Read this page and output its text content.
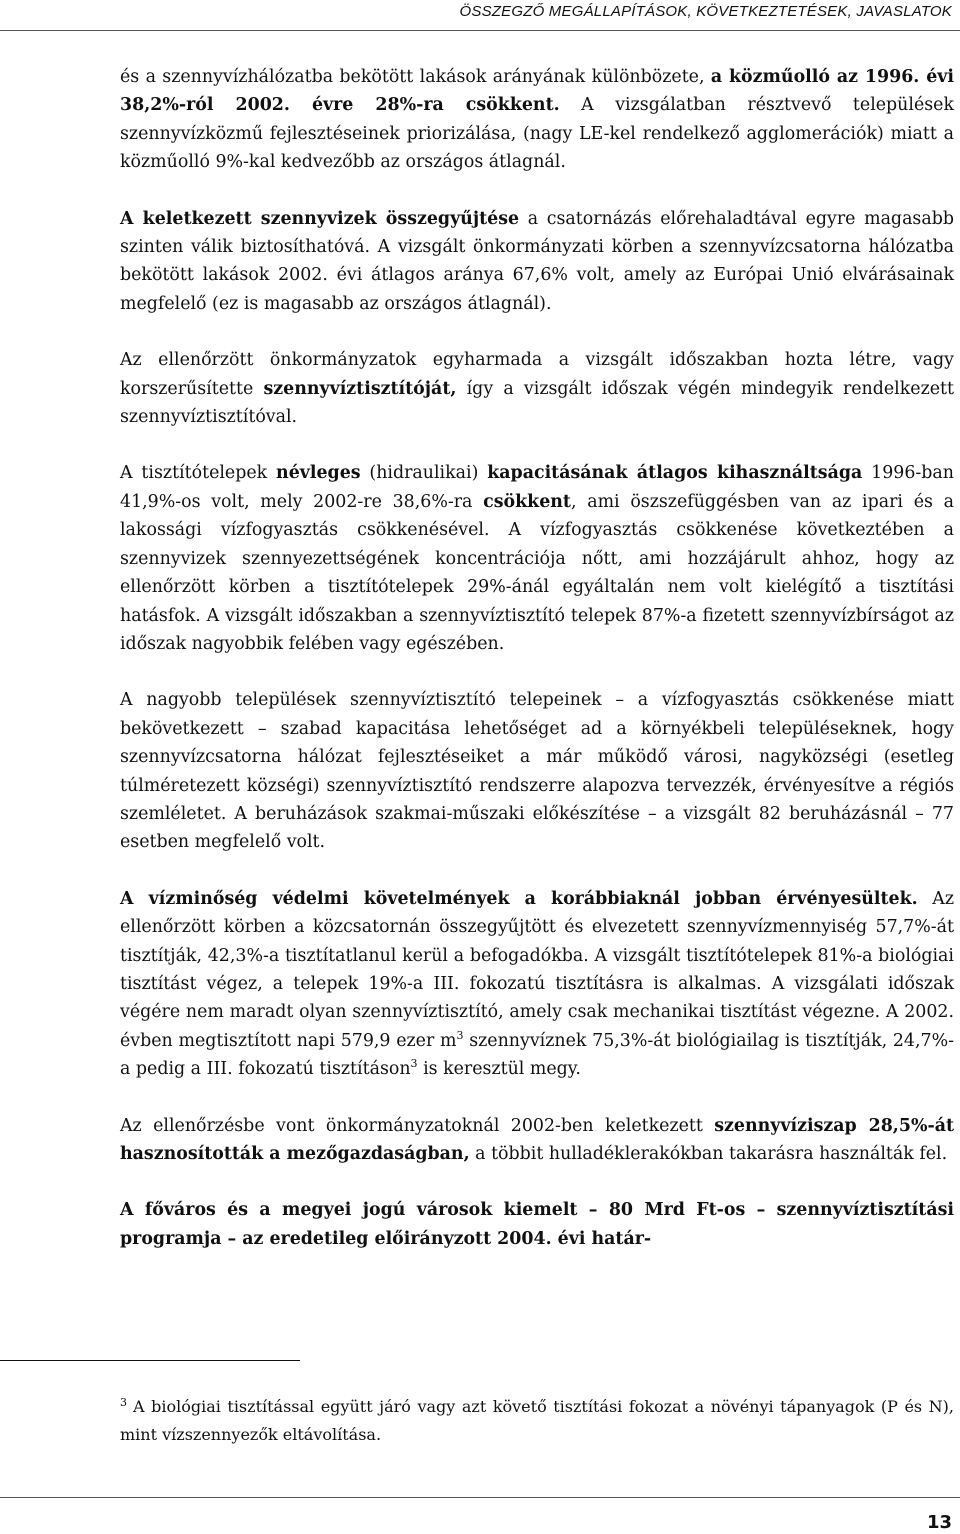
ÖSSZEGZŐ MEGÁLLAPÍTÁSOK, KÖVETKEZTETÉSEK, JAVASLATOK

és a szennyvízhálózatba bekötött lakások arányának különbözete, a közműolló az 1996. évi 38,2%-ról 2002. évre 28%-ra csökkent. A vizsgálatban résztvevő települések szennyvízközmű fejlesztéseinek priorizálása, (nagy LE-kel rendelkező agglomerációk) miatt a közműolló 9%-kal kedvezőbb az országos átlagnál.

A keletkezett szennyvizek összegyűjtése a csatornázás előrehaladtával egyre magasabb szinten válik biztosíthatóvá. A vizsgált önkormányzati körben a szennyvízcsatorna hálózatba bekötött lakások 2002. évi átlagos aránya 67,6% volt, amely az Európai Unió elvárásainak megfelelő (ez is magasabb az országos átlagnál).

Az ellenőrzött önkormányzatok egyharmada a vizsgált időszakban hozta létre, vagy korszerűsítette szennyvíztisztítóját, így a vizsgált időszak végén mindegyik rendelkezett szennyvíztisztítóval.

A tisztítótelepek névleges (hidraulikai) kapacitásának átlagos kihasználtsága 1996-ban 41,9%-os volt, mely 2002-re 38,6%-ra csökkent, ami öszszefüggésben van az ipari és a lakossági vízfogyasztás csökkenésével. A vízfogyasztás csökkenése következtében a szennyvizek szennyezettségének koncentrációja nőtt, ami hozzájárult ahhoz, hogy az ellenőrzött körben a tisztítótelepek 29%-ánál egyáltalán nem volt kielégítő a tisztítási hatásfok. A vizsgált időszakban a szennyvíztisztító telepek 87%-a fizetett szennyvízbírságot az időszak nagyobbik felében vagy egészében.

A nagyobb települések szennyvíztisztító telepeinek – a vízfogyasztás csökkenése miatt bekövetkezett – szabad kapacitása lehetőséget ad a környékbeli településeknek, hogy szennyvízcsatorna hálózat fejlesztéseiket a már működő városi, nagyközségi (esetleg túlméretezett községi) szennyvíztisztító rendszerre alapozva tervezzék, érvényesítve a régiós szemléletet. A beruházások szakmai-műszaki előkészítése – a vizsgált 82 beruházásnál – 77 esetben megfelelő volt.

A vízminőség védelmi követelmények a korábbiaknál jobban érvényesültek. Az ellenőrzött körben a közcsatornán összegyűjtött és elvezetett szennyvízmennyiség 57,7%-át tisztítják, 42,3%-a tisztítatlanul kerül a befogadókba. A vizsgált tisztítótelepek 81%-a biológiai tisztítást végez, a telepek 19%-a III. fokozatú tisztításra is alkalmas. A vizsgálati időszak végére nem maradt olyan szennyvíztisztító, amely csak mechanikai tisztítást végezne. A 2002. évben megtisztított napi 579,9 ezer $m^3$ szennyvíznek 75,3%-át biológiailag is tisztítják, 24,7%-a pedig a III. fokozatú tisztításon$^3$ is keresztül megy.

Az ellenőrzésbe vont önkormányzatoknál 2002-ben keletkezett szennyvíziszap 28,5%-át hasznosították a mezőgazdaságban, a többit hulladéklerakókban takarásra használták fel.

A főváros és a megyei jogú városok kiemelt – 80 Mrd Ft-os – szennyvíztisztítási programja – az eredetileg előirányzott 2004. évi határ-

$^3$ A biológiai tisztítással együtt járó vagy azt követő tisztítási fokozat a növényi tápanyagok (P és N), mint vízszennyezők eltávolítása.
13
